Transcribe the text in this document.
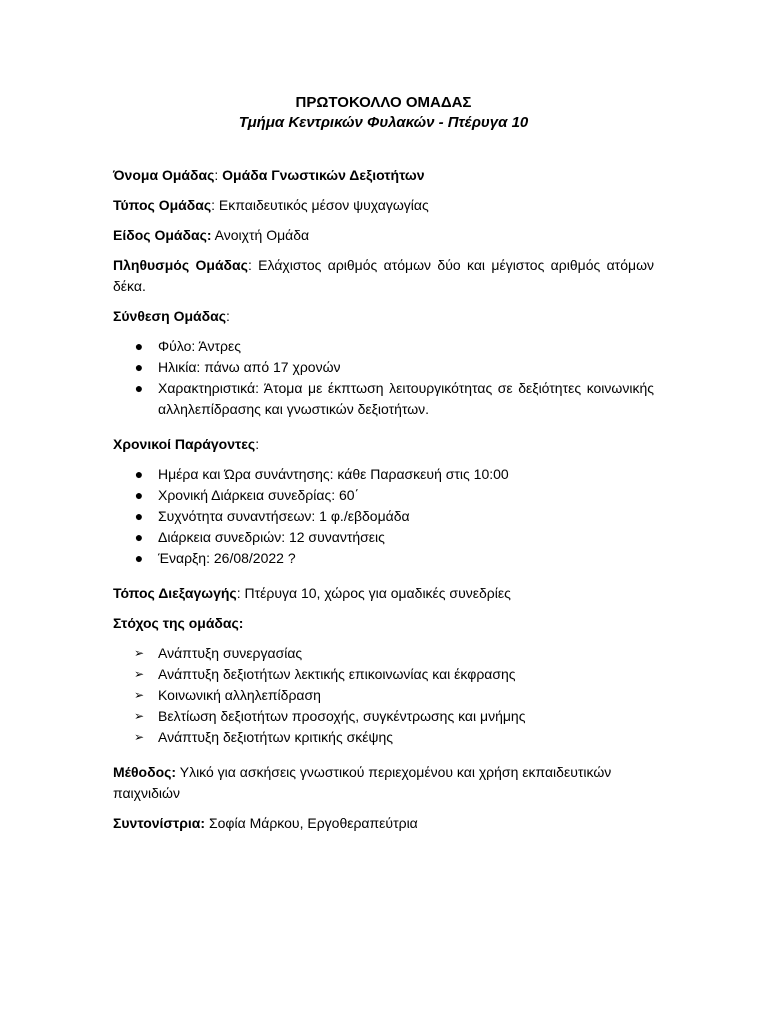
ΠΡΩΤΟΚΟΛΛΟ ΟΜΑΔΑΣ

Τμήμα Κεντρικών Φυλακών - Πτέρυγα 10

Όνομα Ομάδας: Ομάδα Γνωστικών Δεξιοτήτων

Τύπος Ομάδας: Εκπαιδευτικός μέσον ψυχαγωγίας

Είδος Ομάδας: Ανοιχτή Ομάδα

Πληθυσμός Ομάδας: Ελάχιστος αριθμός ατόμων δύο και μέγιστος αριθμός ατόμων δέκα.

Σύνθεση Ομάδας:

● Φύλο: Άντρες
● Ηλικία: πάνω από 17 χρονών
● Χαρακτηριστικά: Άτομα με έκπτωση λειτουργικότητας σε δεξιότητες κοινωνικής αλληλεπίδρασης και γνωστικών δεξιοτήτων.

Χρονικοί Παράγοντες:

● Ημέρα και Ώρα συνάντησης: κάθε Παρασκευή στις 10:00
● Χρονική Διάρκεια συνεδρίας: 60΄
● Συχνότητα συναντήσεων: 1 φ./εβδομάδα
● Διάρκεια συνεδριών: 12 συναντήσεις
● Έναρξη: 26/08/2022 ?

Τόπος Διεξαγωγής: Πτέρυγα 10, χώρος για ομαδικές συνεδρίες

Στόχος της ομάδας:

➢ Ανάπτυξη συνεργασίας
➢ Ανάπτυξη δεξιοτήτων λεκτικής επικοινωνίας και έκφρασης
➢ Κοινωνική αλληλεπίδραση
➢ Βελτίωση δεξιοτήτων προσοχής, συγκέντρωσης και μνήμης
➢ Ανάπτυξη δεξιοτήτων κριτικής σκέψης

Μέθοδος: Υλικό για ασκήσεις γνωστικού περιεχομένου και χρήση εκπαιδευτικών παιχνιδιών

Συντονίστρια: Σοφία Μάρκου, Εργοθεραπεύτρια
